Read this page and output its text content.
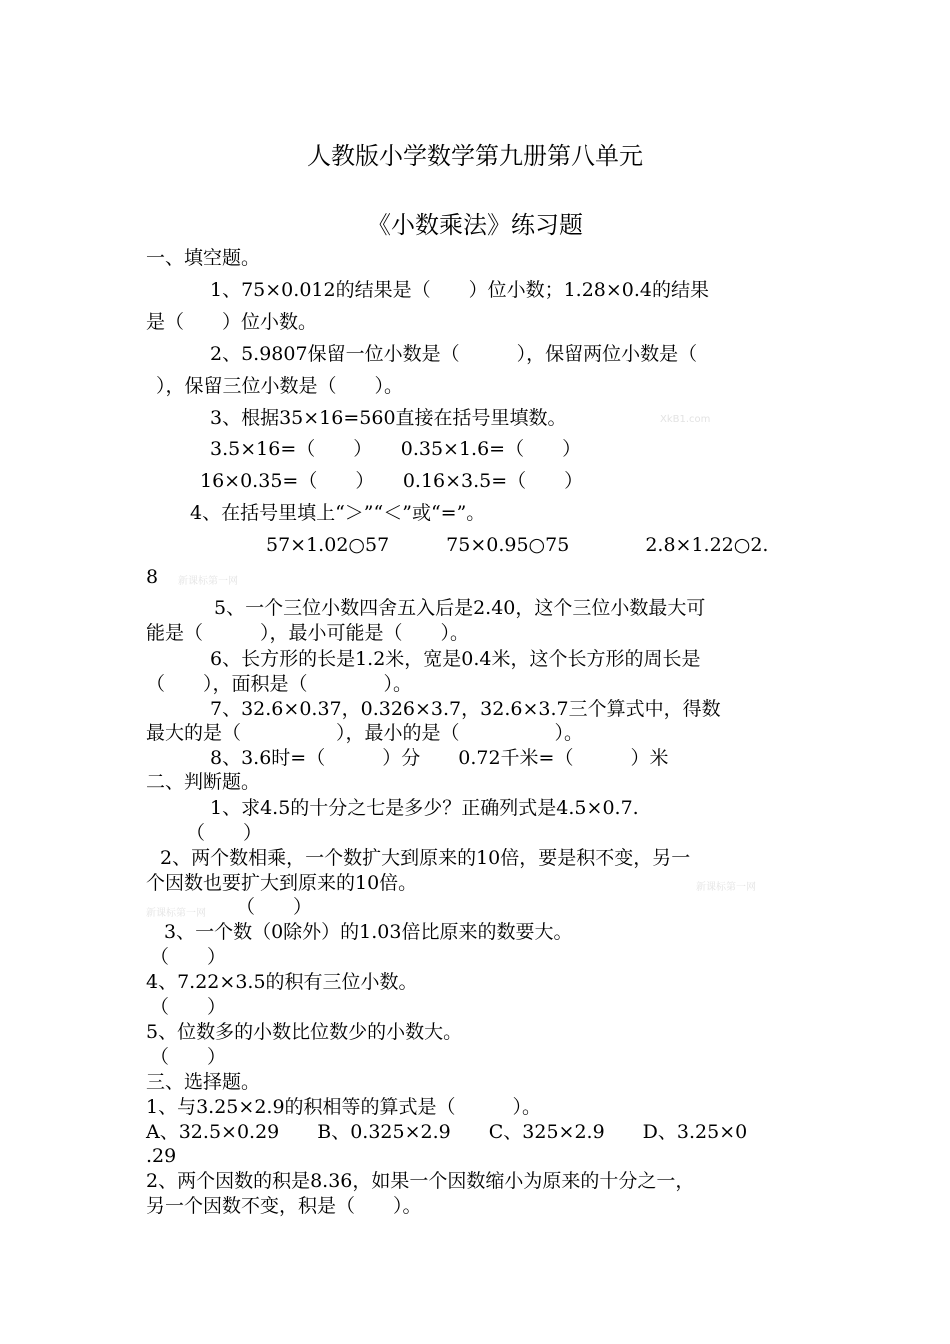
人教版小学数学第九册第八单元
《小数乘法》练习题
一、填空题。
1、75×0.012的结果是（　　）位小数；1.28×0.4的结果
是（　　）位小数。
2、5.9807保留一位小数是（　　　），保留两位小数是（
），保留三位小数是（　　）。
3、根据35×16=560直接在括号里填数。	XkB1.com
3.5×16=（　　）　　0.35×1.6=（　　）
16×0.35=（　　）　　0.16×3.5=（　　）
4、在括号里填上“＞”“＜”或“=”。
57×1.02○57　　　75×0.95○75　　　　2.8×1.22○2.
8 新课标第一网
5、一个三位小数四舍五入后是2.40，这个三位小数最大可
能是（　　　），最小可能是（　　）。
6、长方形的长是1.2米，宽是0.4米，这个长方形的周长是
（　　），面积是（　　　　）。
7、32.6×0.37，0.326×3.7，32.6×3.7三个算式中，得数
最大的是（　　　　　），最小的是（　　　　　）。
8、3.6时=（　　　）分　　0.72千米=（　　　）米
二、判断题。
1、求4.5的十分之七是多少？正确列式是4.5×0.7.
（　　）
2、两个数相乘，一个数扩大到原来的10倍，要是积不变，另一
个因数也要扩大到原来的10倍。	新课标第一网
新课标第一网 （　　）
3、一个数（0除外）的1.03倍比原来的数要大。
（　　）
4、7.22×3.5的积有三位小数。
（　　）
5、位数多的小数比位数少的小数大。
（　　）
三、选择题。
1、与3.25×2.9的积相等的算式是（　　　）。
A、32.5×0.29　　B、0.325×2.9　　C、325×2.9　　D、3.25×0
.29
2、两个因数的积是8.36，如果一个因数缩小为原来的十分之一，
另一个因数不变，积是（　　）。
